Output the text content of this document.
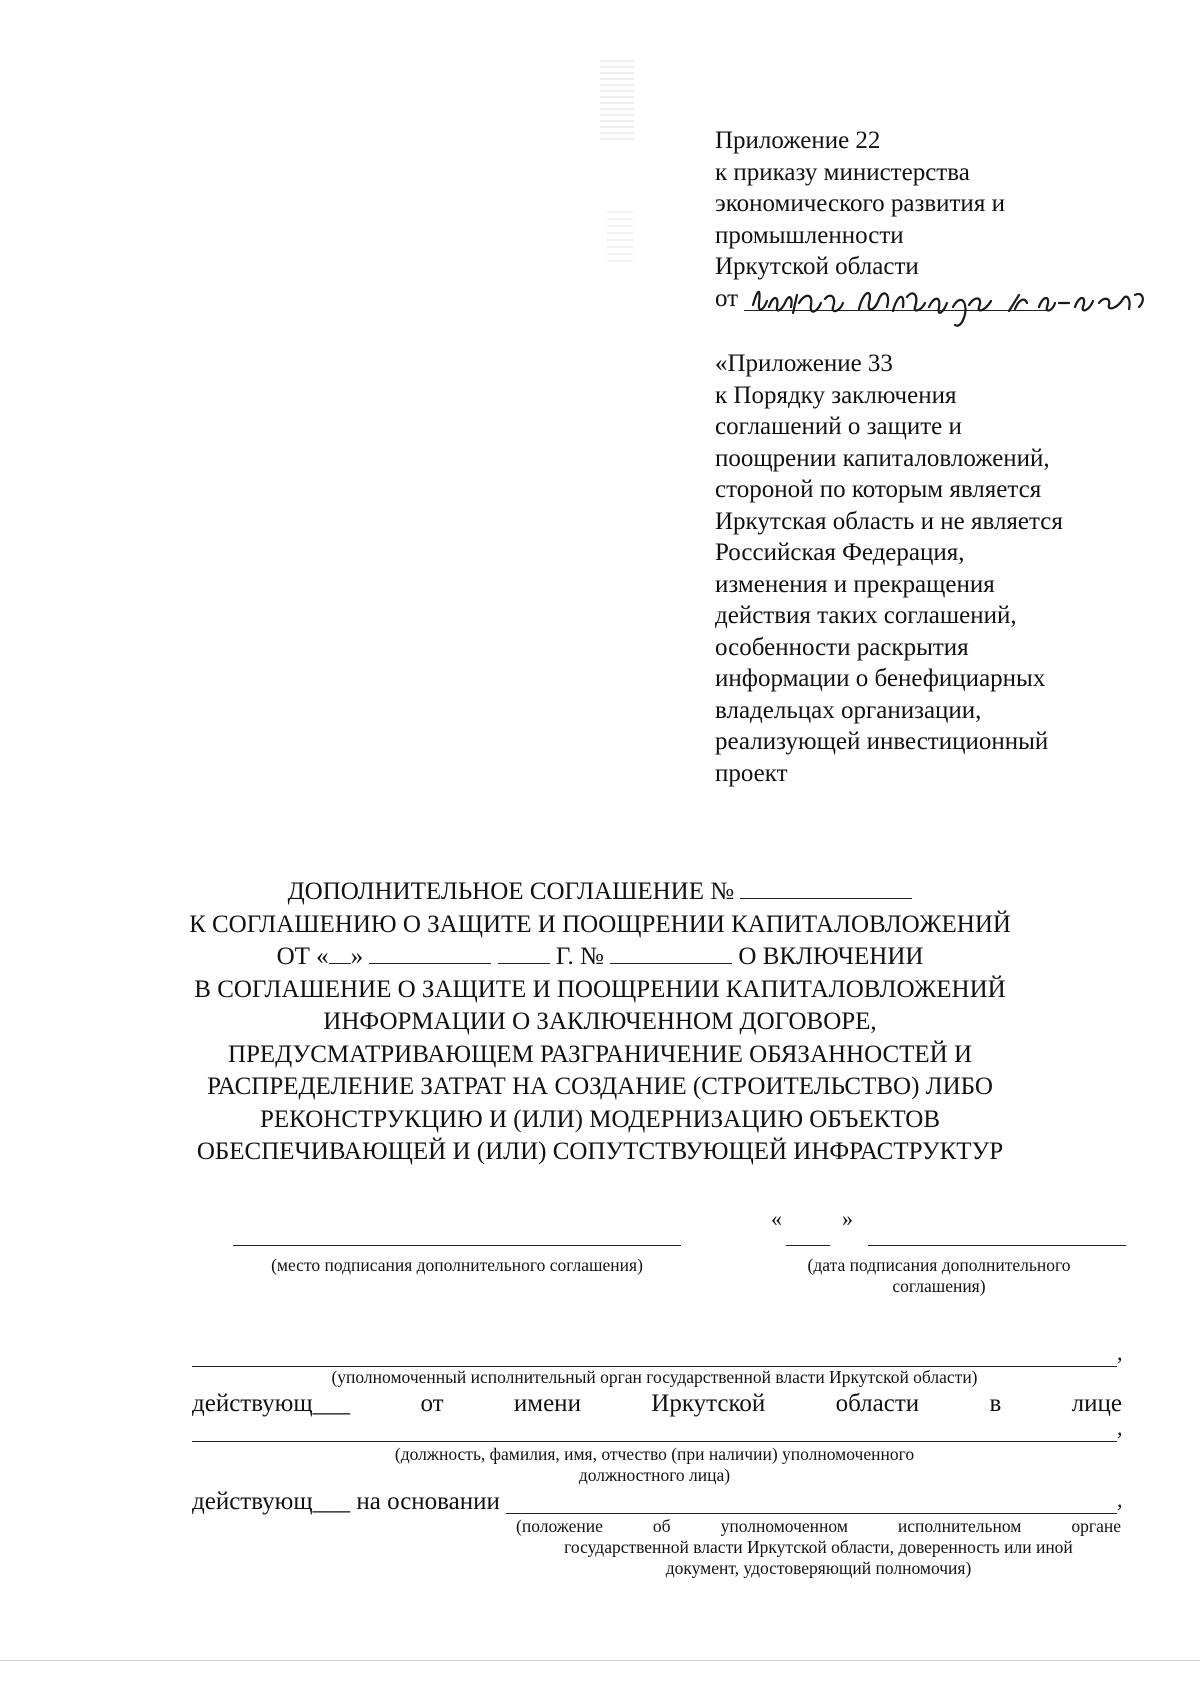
Приложение 22
к приказу министерства
экономического развития и
промышленности
Иркутской области
от
«Приложение 33
к Порядку заключения
соглашений о защите и
поощрении капиталовложений,
стороной по которым является
Иркутская область и не является
Российская Федерация,
изменения и прекращения
действия таких соглашений,
особенности раскрытия
информации о бенефициарных
владельцах организации,
реализующей инвестиционный
проект
ДОПОЛНИТЕЛЬНОЕ СОГЛАШЕНИЕ №
К СОГЛАШЕНИЮ О ЗАЩИТЕ И ПООЩРЕНИИ КАПИТАЛОВЛОЖЕНИЙ
ОТ « »	Г. №	О ВКЛЮЧЕНИИ
В СОГЛАШЕНИЕ О ЗАЩИТЕ И ПООЩРЕНИИ КАПИТАЛОВЛОЖЕНИЙ
ИНФОРМАЦИИ О ЗАКЛЮЧЕННОМ ДОГОВОРЕ,
ПРЕДУСМАТРИВАЮЩЕМ РАЗГРАНИЧЕНИЕ ОБЯЗАННОСТЕЙ И
РАСПРЕДЕЛЕНИЕ ЗАТРАТ НА СОЗДАНИЕ (СТРОИТЕЛЬСТВО) ЛИБО
РЕКОНСТРУКЦИЮ И (ИЛИ) МОДЕРНИЗАЦИЮ ОБЪЕКТОВ
ОБЕСПЕЧИВАЮЩЕЙ И (ИЛИ) СОПУТСТВУЮЩЕЙ ИНФРАСТРУКТУР
(место подписания дополнительного соглашения)
«	»
(дата подписания дополнительного соглашения)
,
(уполномоченный исполнительный орган государственной власти Иркутской области)
действующ___	от	имени	Иркутской	области	в	лице
,
(должность, фамилия, имя, отчество (при наличии) уполномоченного
должностного лица)
действующ___ на основании	,
(положение	об	уполномоченном	исполнительном	органе
государственной власти Иркутской области, доверенность или иной
документ, удостоверяющий полномочия)
